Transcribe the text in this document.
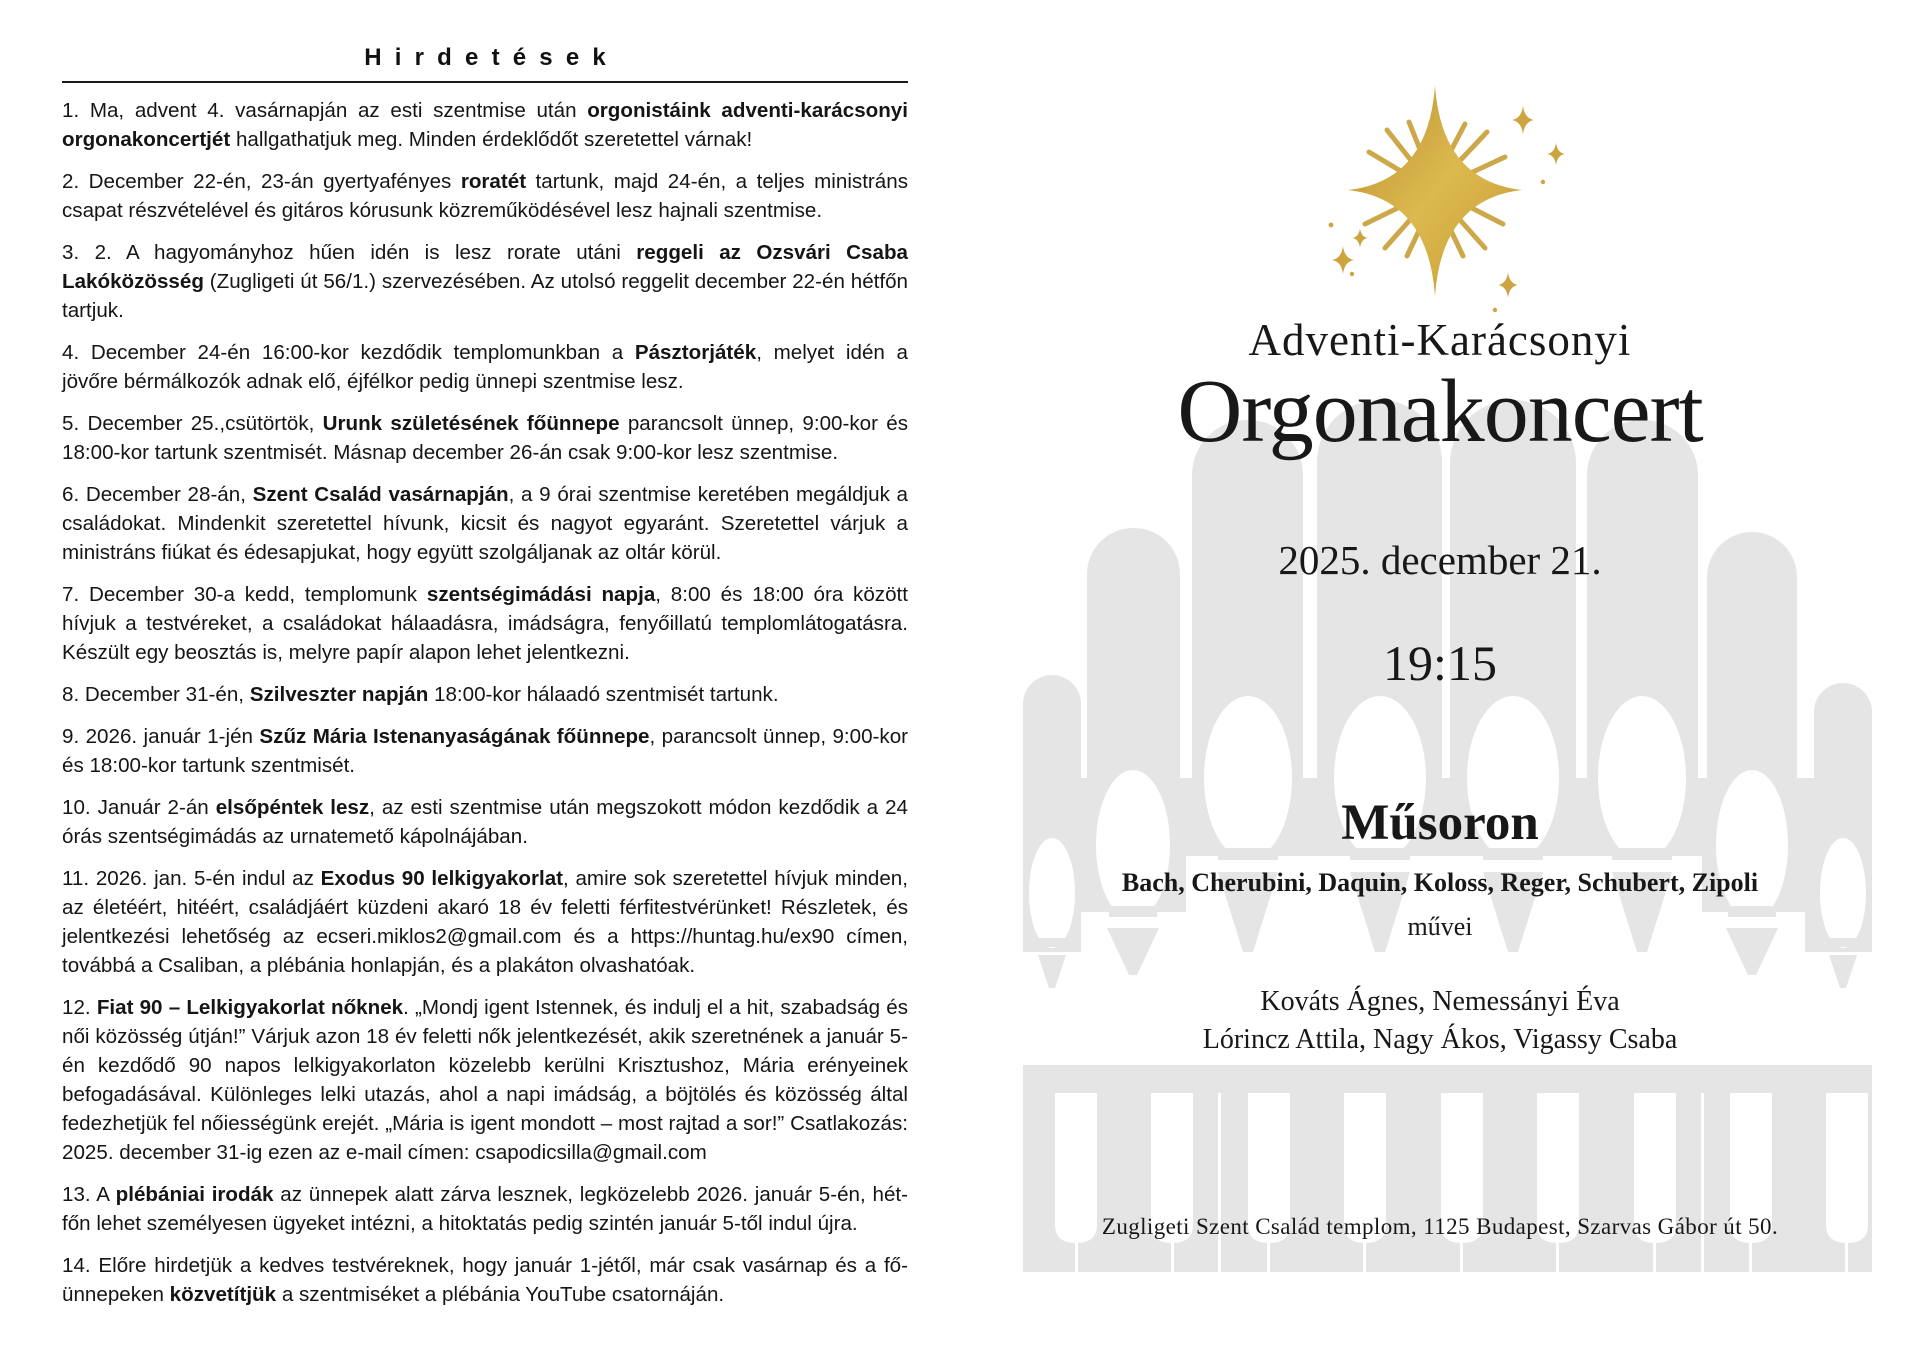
Hirdetések

1. Ma, advent 4. vasárnapján az esti szentmise után orgonistáink adventi-karácsonyi orgonakoncertjét hallgathatjuk meg. Minden érdeklődőt szeretettel várnak!

2. December 22-én, 23-án gyertyafényes roratét tartunk, majd 24-én, a teljes ministráns csapat részvételével és gitáros kórusunk közreműködésével lesz hajnali szentmise.

3. 2. A hagyományhoz hűen idén is lesz rorate utáni reggeli az Ozsvári Csaba Lakóközösség (Zugligeti út 56/1.) szervezésében. Az utolsó reggelit december 22-én hétfőn tartjuk.

4. December 24-én 16:00-kor kezdődik templomunkban a Pásztorjáték, melyet idén a jövőre bérmálkozók adnak elő, éjfélkor pedig ünnepi szentmise lesz.

5. December 25.,csütörtök, Urunk születésének főünnepe parancsolt ünnep, 9:00-kor és 18:00-kor tartunk szentmisét. Másnap december 26-án csak 9:00-kor lesz szentmise.

6. December 28-án, Szent Család vasárnapján, a 9 órai szentmise keretében megáldjuk a családokat. Mindenkit szeretettel hívunk, kicsit és nagyot egyaránt. Szeretettel várjuk a ministráns fiúkat és édesapjukat, hogy együtt szolgáljanak az oltár körül.

7. December 30-a kedd, templomunk szentségimádási napja, 8:00 és 18:00 óra között hívjuk a testvéreket, a családokat hálaadásra, imádságra, fenyőillatú templomlátogatásra. Készült egy beosztás is, melyre papír alapon lehet jelentkezni.

8. December 31-én, Szilveszter napján 18:00-kor hálaadó szentmisét tartunk.

9. 2026. január 1-jén Szűz Mária Istenanyaságának főünnepe, parancsolt ünnep, 9:00-kor és 18:00-kor tartunk szentmisét.

10. Január 2-án elsőpéntek lesz, az esti szentmise után megszokott módon kezdődik a 24 órás szentségimádás az urnatemető kápolnájában.

11. 2026. jan. 5-én indul az Exodus 90 lelkigyakorlat, amire sok szeretettel hívjuk minden, az életéért, hitéért, családjáért küzdeni akaró 18 év feletti férfitestvérünket! Részletek, és jelentkezési lehetőség az ecseri.miklos2@gmail.com és a https://huntag.hu/ex90 címen, továbbá a Csaliban, a plébánia honlapján, és a plakáton olvashatóak.

12. Fiat 90 – Lelkigyakorlat nőknek. „Mondj igent Istennek, és indulj el a hit, szabadság és női közösség útján!” Várjuk azon 18 év feletti nők jelentkezését, akik szeretnének a január 5-én kezdődő 90 napos lelkigyakorlaton közelebb kerülni Krisztushoz, Mária erényeinek befogadásával. Különleges lelki utazás, ahol a napi imádság, a böjtölés és közösség által fedezhetjük fel nőiességünk erejét. „Mária is igent mondott – most rajtad a sor!” Csatlakozás: 2025. december 31-ig ezen az e-mail címen: csapodicsilla@gmail.com

13. A plébániai irodák az ünnepek alatt zárva lesznek, legközelebb 2026. január 5-én, hét-főn lehet személyesen ügyeket intézni, a hitoktatás pedig szintén január 5-től indul újra.

14. Előre hirdetjük a kedves testvéreknek, hogy január 1-jétől, már csak vasárnap és a fő-ünnepeken közvetítjük a szentmiséket a plébánia YouTube csatornáján.

Adventi-Karácsonyi

Orgonakoncert

2025. december 21.

19:15

Műsoron

Bach, Cherubini, Daquin, Koloss, Reger, Schubert, Zipoli

művei

Kováts Ágnes, Nemessányi Éva

Lórincz Attila, Nagy Ákos, Vigassy Csaba

Zugligeti Szent Család templom, 1125 Budapest, Szarvas Gábor út 50.
